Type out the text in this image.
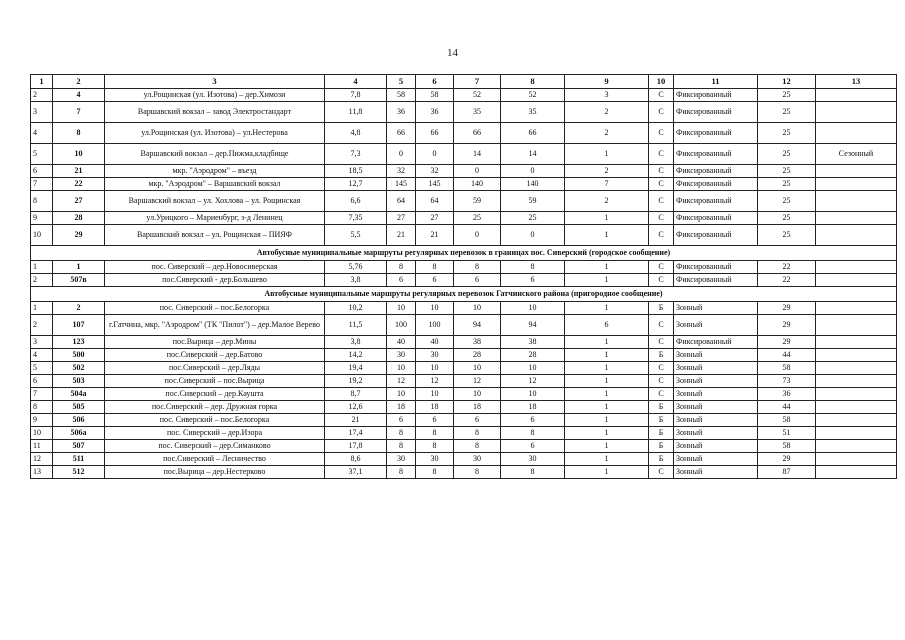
14
1	2	3	4	5	6	7	8	9	10	11	12	13
2	4	ул.Рощинская (ул. Изотова) – дер.Химози	7,8	58	58	52	52	3	С	Фиксированный	25	
3	7	Варшавский вокзал – завод Электростандарт	11,8	36	36	35	35	2	С	Фиксированный	25	
4	8	ул.Рощинская (ул. Изотова) – ул.Нестерова	4,8	66	66	66	66	2	С	Фиксированный	25	
5	10	Варшавский вокзал – дер.Пижма,кладбище	7,3	0	0	14	14	1	С	Фиксированный	25	Сезонный
6	21	мкр. "Аэродром" – въезд	18,5	32	32	0	0	2	С	Фиксированный	25	
7	22	мкр. "Аэродром" – Варшавский вокзал	12,7	145	145	140	140	7	С	Фиксированный	25	
8	27	Варшавский вокзал – ул. Хохлова – ул. Рощинская	6,6	64	64	59	59	2	С	Фиксированный	25	
9	28	ул.Урицкого – Мариенбург, з-д Ленинец	7,35	27	27	25	25	1	С	Фиксированный	25	
10	29	Варшавский вокзал – ул. Рощинская – ПИЯФ	5,5	21	21	0	0	1	С	Фиксированный	25	
Автобусные муниципальные маршруты регулярных перевозок в границах пос. Сиверский (городское сообщение)												
1	1	пос. Сиверский – дер.Новосиверская	5,76	8	8	8	8	1	С	Фиксированный	22	
2	507в	пос.Сиверский - дер.Большево	3,8	6	6	6	6	1	С	Фиксированный	22	
Автобусные муниципальные маршруты регулярных перевозок Гатчинского района (пригородное сообщение)												
1	2	пос. Сиверский – пос.Белогорка	10,2	10	10	10	10	1	Б	Зонный	29	
2	107	г.Гатчина, мкр. "Аэродром" (ТК "Пилот") – дер.Малое Верево	11,5	100	100	94	94	6	С	Зонный	29	
3	123	пос.Вырица – дер.Мины	3,8	40	40	38	38	1	С	Фиксированный	29	
4	500	пос.Сиверский – дер.Батово	14,2	30	30	28	28	1	Б	Зонный	44	
5	502	пос.Сиверский – дер.Ляды	19,4	10	10	10	10	1	С	Зонный	58	
6	503	пос.Сиверский – пос.Вырица	19,2	12	12	12	12	1	С	Зонный	73	
7	504а	пос.Сиверский – дер.Кауштa	8,7	10	10	10	10	1	С	Зонный	36	
8	505	пос.Сиверский – дер. Дружная горка	12,6	18	18	18	18	1	Б	Зонный	44	
9	506	пос. Сиверский – пос.Белогорка	21	6	6	6	6	1	Б	Зонный	58	
10	506а	пос. Сиверский – дер.Изора	17,4	8	8	8	8	1	Б	Зонный	51	
11	507	пос. Сиверский – дер.Симанково	17,8	8	8	8	6	1	Б	Зонный	58	
12	511	пос.Сиверский – Лесничество	8,6	30	30	30	30	1	Б	Зонный	29	
13	512	пос.Вырица – дер.Нестерково	37,1	8	8	8	8	1	С	Зонный	87	
